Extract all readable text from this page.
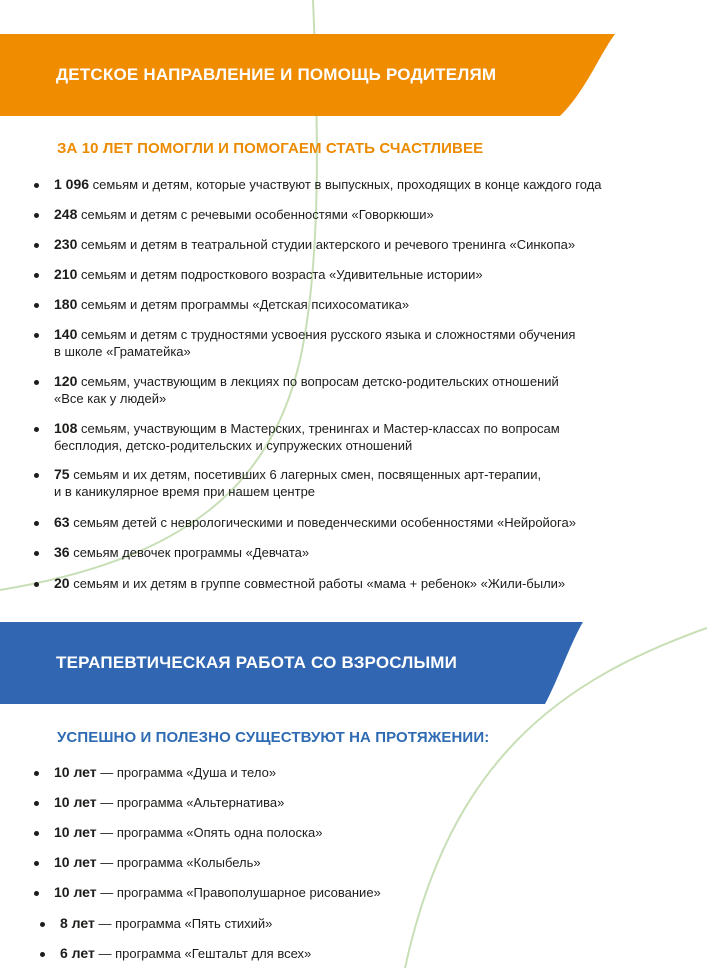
ДЕТСКОЕ НАПРАВЛЕНИЕ И ПОМОЩЬ РОДИТЕЛЯМ
ЗА 10 ЛЕТ ПОМОГЛИ И ПОМОГАЕМ СТАТЬ СЧАСТЛИВЕЕ
1 096 семьям и детям, которые участвуют в выпускных, проходящих в конце каждого года
248 семьям и детям с речевыми особенностями «Говоркюши»
230 семьям и детям в театральной студии актерского и речевого тренинга «Синкопа»
210 семьям и детям подросткового возраста «Удивительные истории»
180 семьям и детям программы «Детская психосоматика»
140 семьям и детям с трудностями усвоения русского языка и сложностями обучения
в школе «Граматейка»
120 семьям, участвующим в лекциях по вопросам детско-родительских отношений
«Все как у людей»
108 семьям, участвующим в Мастерских, тренингах и Мастер-классах по вопросам
бесплодия, детско-родительских и супружеских отношений
75 семьям и их детям, посетивших 6 лагерных смен, посвященных арт-терапии,
и в каникулярное время при нашем центре
63 семьям детей с неврологическими и поведенческими особенностями «Нейройога»
36 семьям девочек программы «Девчата»
20 семьям и их детям в группе совместной работы «мама + ребенок» «Жили-были»
ТЕРАПЕВТИЧЕСКАЯ РАБОТА СО ВЗРОСЛЫМИ
УСПЕШНО И ПОЛЕЗНО СУЩЕСТВУЮТ НА ПРОТЯЖЕНИИ:
10 лет — программа «Душа и тело»
10 лет — программа «Альтернатива»
10 лет — программа «Опять одна полоска»
10 лет — программа «Колыбель»
10 лет — программа «Правополушарное рисование»
8 лет — программа «Пять стихий»
6 лет — программа «Гештальт для всех»
